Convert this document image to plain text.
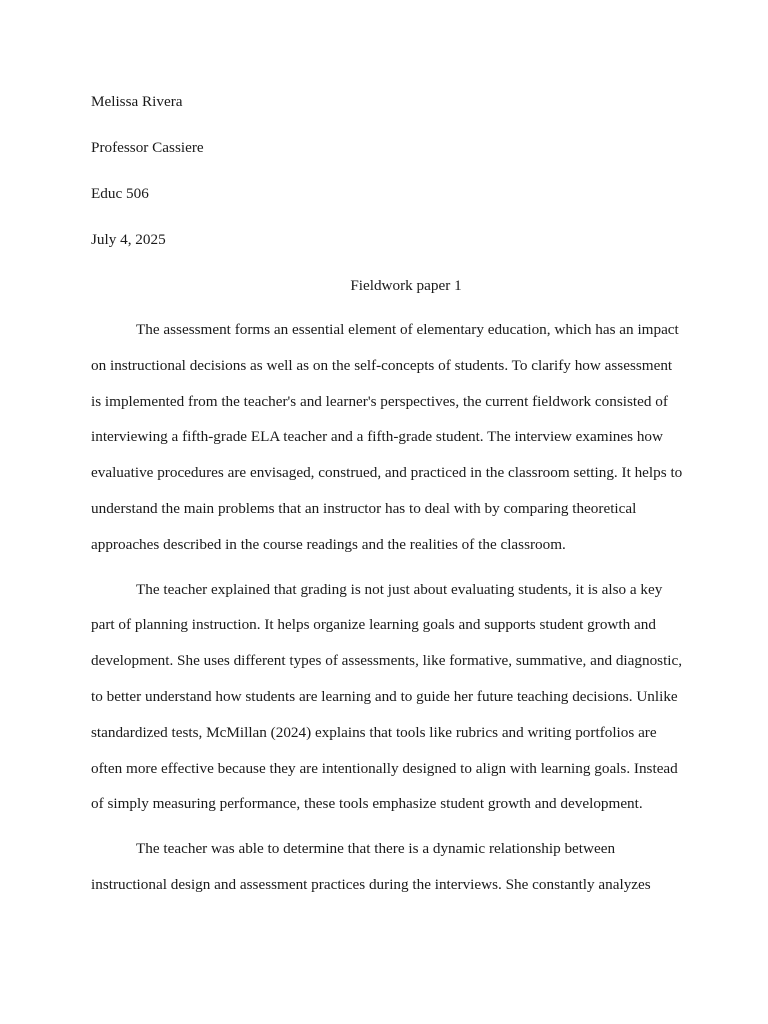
Melissa Rivera
Professor Cassiere
Educ 506
July 4, 2025
Fieldwork paper 1

The assessment forms an essential element of elementary education, which has an impact
on instructional decisions as well as on the self-concepts of students. To clarify how assessment
is implemented from the teacher's and learner's perspectives, the current fieldwork consisted of
interviewing a fifth-grade ELA teacher and a fifth-grade student. The interview examines how
evaluative procedures are envisaged, construed, and practiced in the classroom setting. It helps to
understand the main problems that an instructor has to deal with by comparing theoretical
approaches described in the course readings and the realities of the classroom.

The teacher explained that grading is not just about evaluating students, it is also a key
part of planning instruction. It helps organize learning goals and supports student growth and
development. She uses different types of assessments, like formative, summative, and diagnostic,
to better understand how students are learning and to guide her future teaching decisions. Unlike
standardized tests, McMillan (2024) explains that tools like rubrics and writing portfolios are
often more effective because they are intentionally designed to align with learning goals. Instead
of simply measuring performance, these tools emphasize student growth and development.

The teacher was able to determine that there is a dynamic relationship between
instructional design and assessment practices during the interviews. She constantly analyzes
